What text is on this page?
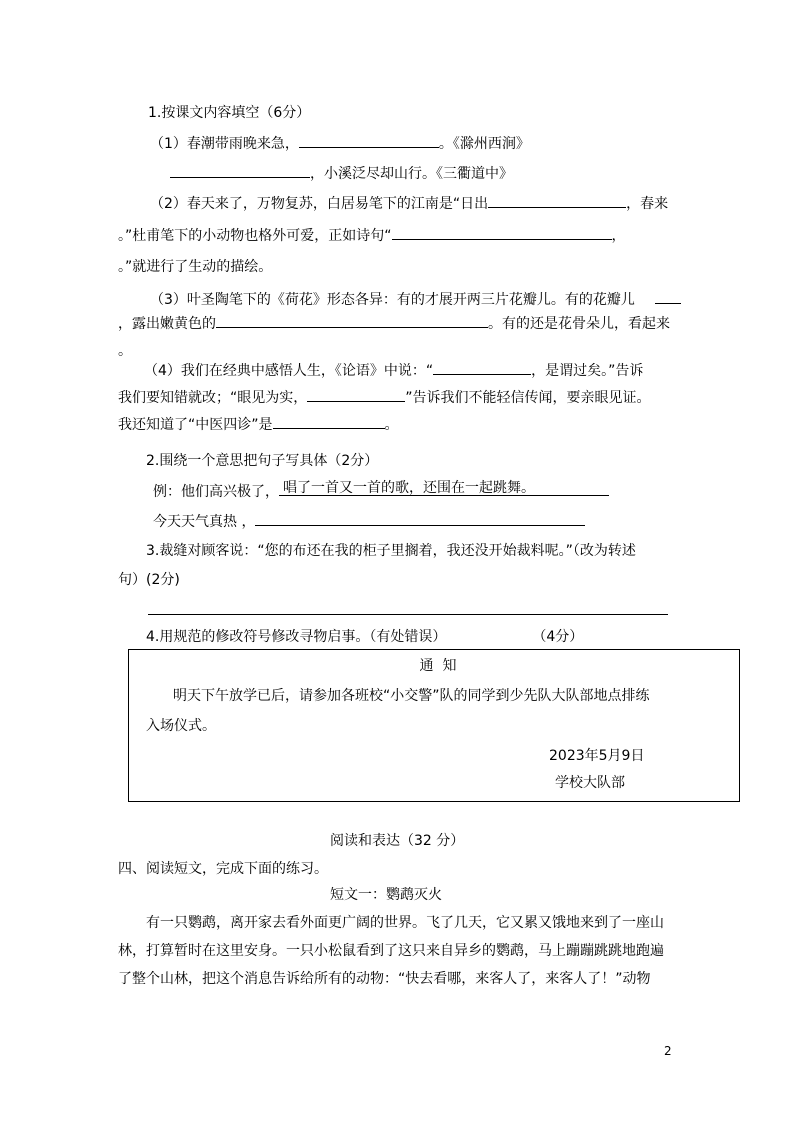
1.按课文内容填空（6分）
（1）春潮带雨晚来急，	。《滁州西涧》
，小溪泛尽却山行。《三衢道中》
（2）春天来了，万物复苏，白居易笔下的江南是“日出	，春来
。”杜甫笔下的小动物也格外可爱，正如诗句“	，
。”就进行了生动的描绘。
（3）叶圣陶笔下的《荷花》形态各异：有的才展开两三片花瓣儿。有的花瓣儿
，露出嫩黄色的	。有的还是花骨朵儿，看起来
。
（4）我们在经典中感悟人生，《论语》中说：“	，是谓过矣。”告诉
我们要知错就改；“眼见为实，	”告诉我们不能轻信传闻，要亲眼见证。
我还知道了“中医四诊”是	。
2.围绕一个意思把句子写具体（2分）
例：他们高兴极了， 唱了一首又一首的歌，还围在一起跳舞。
今天天气真热 ，
3.裁缝对顾客说：“您的布还在我的柜子里搁着，我还没开始裁料呢。”（改为转述
句）(2分)
4.用规范的修改符号修改寻物启事。（有处错误）	（4分）
通  知
明天下午放学已后，请参加各班校“小交警”队的同学到少先队大队部地点排练
入场仪式。
2023年5月9日
学校大队部
阅读和表达（32 分）
四、阅读短文，完成下面的练习。
短文一：鹦鹉灭火
有一只鹦鹉，离开家去看外面更广阔的世界。飞了几天，它又累又饿地来到了一座山
林，打算暂时在这里安身。一只小松鼠看到了这只来自异乡的鹦鹉，马上蹦蹦跳跳地跑遍
了整个山林，把这个消息告诉给所有的动物：“快去看哪，来客人了，来客人了！”动物
2
